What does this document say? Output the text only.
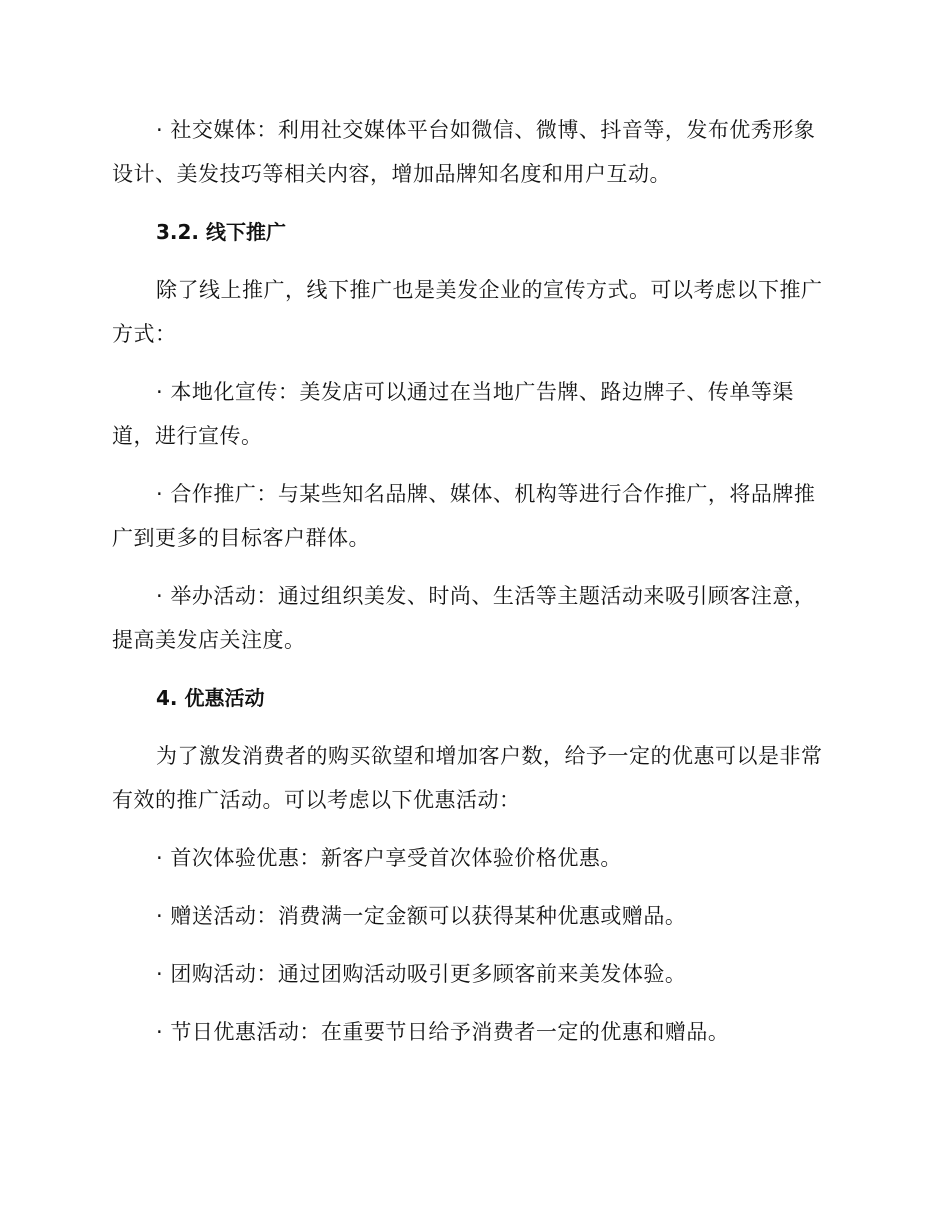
· 社交媒体：利用社交媒体平台如微信、微博、抖音等，发布优秀形象设计、美发技巧等相关内容，增加品牌知名度和用户互动。

3.2. 线下推广

除了线上推广，线下推广也是美发企业的宣传方式。可以考虑以下推广方式：

· 本地化宣传：美发店可以通过在当地广告牌、路边牌子、传单等渠道，进行宣传。

· 合作推广：与某些知名品牌、媒体、机构等进行合作推广，将品牌推广到更多的目标客户群体。

· 举办活动：通过组织美发、时尚、生活等主题活动来吸引顾客注意，提高美发店关注度。

4. 优惠活动

为了激发消费者的购买欲望和增加客户数，给予一定的优惠可以是非常有效的推广活动。可以考虑以下优惠活动：

· 首次体验优惠：新客户享受首次体验价格优惠。

· 赠送活动：消费满一定金额可以获得某种优惠或赠品。

· 团购活动：通过团购活动吸引更多顾客前来美发体验。

· 节日优惠活动：在重要节日给予消费者一定的优惠和赠品。
